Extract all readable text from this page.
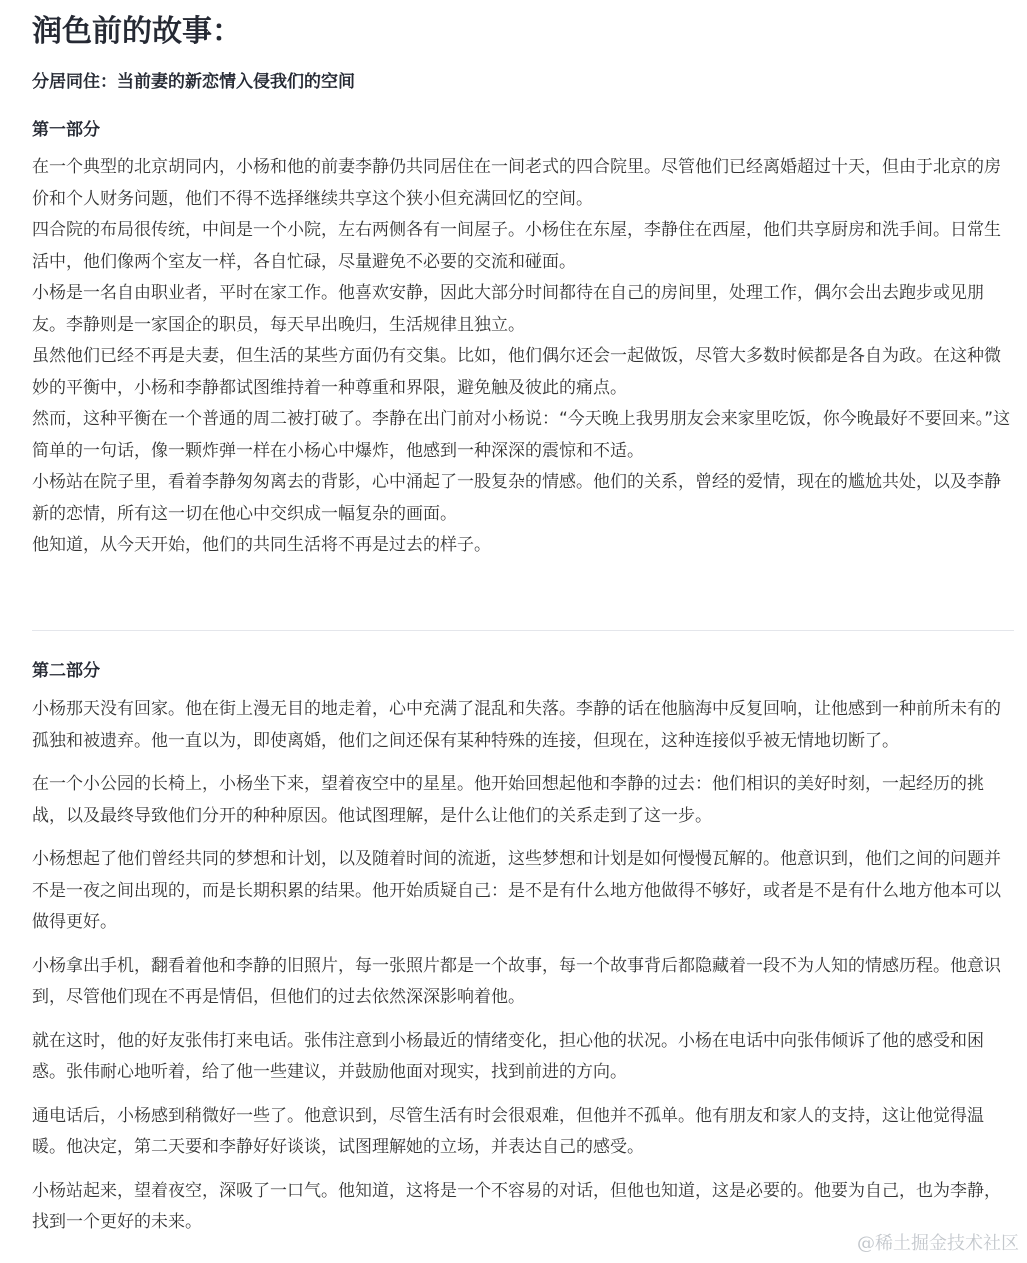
润色前的故事：
分居同住：当前妻的新恋情入侵我们的空间
第一部分

在一个典型的北京胡同内，小杨和他的前妻李静仍共同居住在一间老式的四合院里。尽管他们已经离婚超过十天，但由于北京的房价和个人财务问题，他们不得不选择继续共享这个狭小但充满回忆的空间。

四合院的布局很传统，中间是一个小院，左右两侧各有一间屋子。小杨住在东屋，李静住在西屋，他们共享厨房和洗手间。日常生活中，他们像两个室友一样，各自忙碌，尽量避免不必要的交流和碰面。

小杨是一名自由职业者，平时在家工作。他喜欢安静，因此大部分时间都待在自己的房间里，处理工作，偶尔会出去跑步或见朋友。李静则是一家国企的职员，每天早出晚归，生活规律且独立。

虽然他们已经不再是夫妻，但生活的某些方面仍有交集。比如，他们偶尔还会一起做饭，尽管大多数时候都是各自为政。在这种微妙的平衡中，小杨和李静都试图维持着一种尊重和界限，避免触及彼此的痛点。

然而，这种平衡在一个普通的周二被打破了。李静在出门前对小杨说：“今天晚上我男朋友会来家里吃饭，你今晚最好不要回来。”这简单的一句话，像一颗炸弹一样在小杨心中爆炸，他感到一种深深的震惊和不适。

小杨站在院子里，看着李静匆匆离去的背影，心中涌起了一股复杂的情感。他们的关系，曾经的爱情，现在的尴尬共处，以及李静新的恋情，所有这一切在他心中交织成一幅复杂的画面。

他知道，从今天开始，他们的共同生活将不再是过去的样子。

第二部分

小杨那天没有回家。他在街上漫无目的地走着，心中充满了混乱和失落。李静的话在他脑海中反复回响，让他感到一种前所未有的孤独和被遗弃。他一直以为，即使离婚，他们之间还保有某种特殊的连接，但现在，这种连接似乎被无情地切断了。

在一个小公园的长椅上，小杨坐下来，望着夜空中的星星。他开始回想起他和李静的过去：他们相识的美好时刻，一起经历的挑战，以及最终导致他们分开的种种原因。他试图理解，是什么让他们的关系走到了这一步。

小杨想起了他们曾经共同的梦想和计划，以及随着时间的流逝，这些梦想和计划是如何慢慢瓦解的。他意识到，他们之间的问题并不是一夜之间出现的，而是长期积累的结果。他开始质疑自己：是不是有什么地方他做得不够好，或者是不是有什么地方他本可以做得更好。

小杨拿出手机，翻看着他和李静的旧照片，每一张照片都是一个故事，每一个故事背后都隐藏着一段不为人知的情感历程。他意识到，尽管他们现在不再是情侣，但他们的过去依然深深影响着他。

就在这时，他的好友张伟打来电话。张伟注意到小杨最近的情绪变化，担心他的状况。小杨在电话中向张伟倾诉了他的感受和困惑。张伟耐心地听着，给了他一些建议，并鼓励他面对现实，找到前进的方向。

通电话后，小杨感到稍微好一些了。他意识到，尽管生活有时会很艰难，但他并不孤单。他有朋友和家人的支持，这让他觉得温暖。他决定，第二天要和李静好好谈谈，试图理解她的立场，并表达自己的感受。

小杨站起来，望着夜空，深吸了一口气。他知道，这将是一个不容易的对话，但他也知道，这是必要的。他要为自己，也为李静，找到一个更好的未来。

@稀土掘金技术社区
